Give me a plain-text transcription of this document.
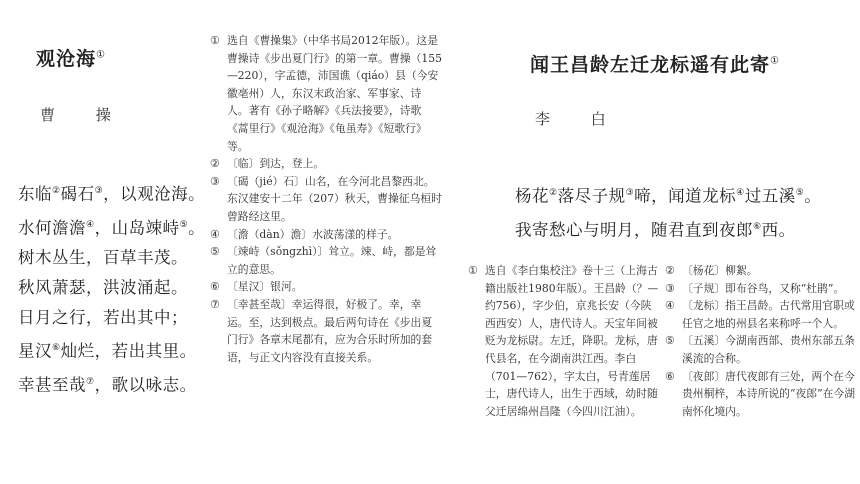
观沧海①
曹 操
东临②碣石③，以观沧海。
水何澹澹④，山岛竦峙⑤。
树木丛生，百草丰茂。
秋风萧瑟，洪波涌起。
日月之行，若出其中；
星汉⑥灿烂，若出其里。
幸甚至哉⑦，歌以咏志。
① 选自《曹操集》（中华书局2012年版）。这是曹操诗《步出夏门行》的第一章。曹操（155—220），字孟德，沛国谯（qiáo）县（今安徽亳州）人，东汉末政治家、军事家、诗人。著有《孙子略解》《兵法接要》，诗歌《蒿里行》《观沧海》《龟虽寿》《短歌行》等。
② 〔临〕到达，登上。
③ 〔碣（jié）石〕山名，在今河北昌黎西北。东汉建安十二年（207）秋天，曹操征乌桓时曾路经这里。
④ 〔澹（dàn）澹〕水波荡漾的样子。
⑤ 〔竦峙（sǒngzhì）〕耸立。竦、峙，都是耸立的意思。
⑥ 〔星汉〕银河。
⑦ 〔幸甚至哉〕幸运得很，好极了。幸，幸运。至，达到极点。最后两句诗在《步出夏门行》各章末尾都有，应为合乐时所加的套语，与正文内容没有直接关系。
闻王昌龄左迁龙标遥有此寄①
李 白
杨花②落尽子规③啼，闻道龙标④过五溪⑤。
我寄愁心与明月，随君直到夜郎⑥西。
① 选自《李白集校注》卷十三（上海古籍出版社1980年版）。王昌龄（？—约756），字少伯，京兆长安（今陕西西安）人，唐代诗人。天宝年间被贬为龙标尉。左迁，降职。龙标，唐代县名，在今湖南洪江西。李白（701—762），字太白，号青莲居士，唐代诗人，出生于西域，幼时随父迁居绵州昌隆（今四川江油）。
② 〔杨花〕柳絮。
③ 〔子规〕即布谷鸟，又称“杜鹃”。
④ 〔龙标〕指王昌龄。古代常用官职或任官之地的州县名来称呼一个人。
⑤ 〔五溪〕今湖南西部、贵州东部五条溪流的合称。
⑥ 〔夜郎〕唐代夜郎有三处，两个在今贵州桐梓，本诗所说的“夜郎”在今湖南怀化境内。
